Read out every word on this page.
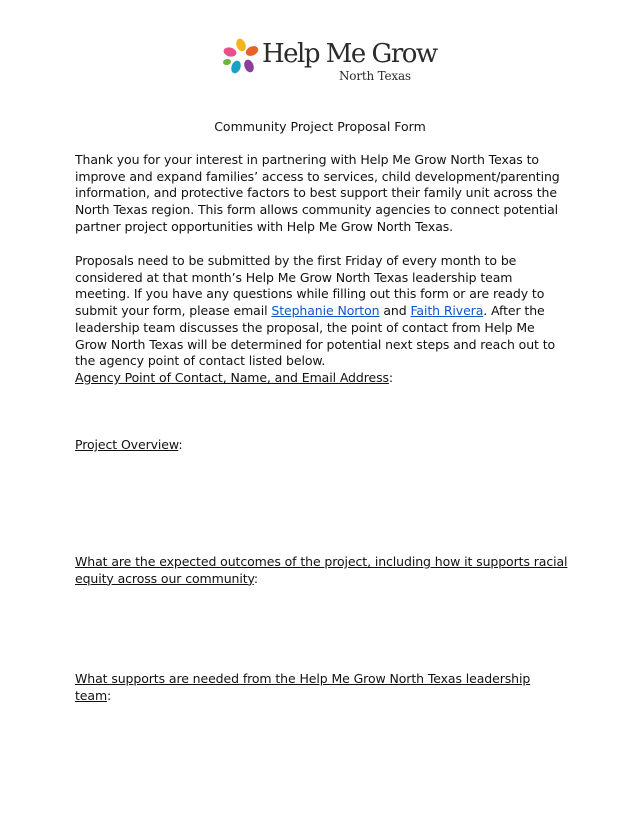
Help Me Grow
North Texas
Community Project Proposal Form
Thank you for your interest in partnering with Help Me Grow North Texas to improve and expand families’ access to services, child development/parenting information, and protective factors to best support their family unit across the North Texas region. This form allows community agencies to connect potential partner project opportunities with Help Me Grow North Texas.
Proposals need to be submitted by the first Friday of every month to be considered at that month’s Help Me Grow North Texas leadership team meeting. If you have any questions while filling out this form or are ready to submit your form, please email Stephanie Norton and Faith Rivera. After the leadership team discusses the proposal, the point of contact from Help Me Grow North Texas will be determined for potential next steps and reach out to the agency point of contact listed below.
Agency Point of Contact, Name, and Email Address:
Project Overview:
What are the expected outcomes of the project, including how it supports racial equity across our community:
What supports are needed from the Help Me Grow North Texas leadership team:
